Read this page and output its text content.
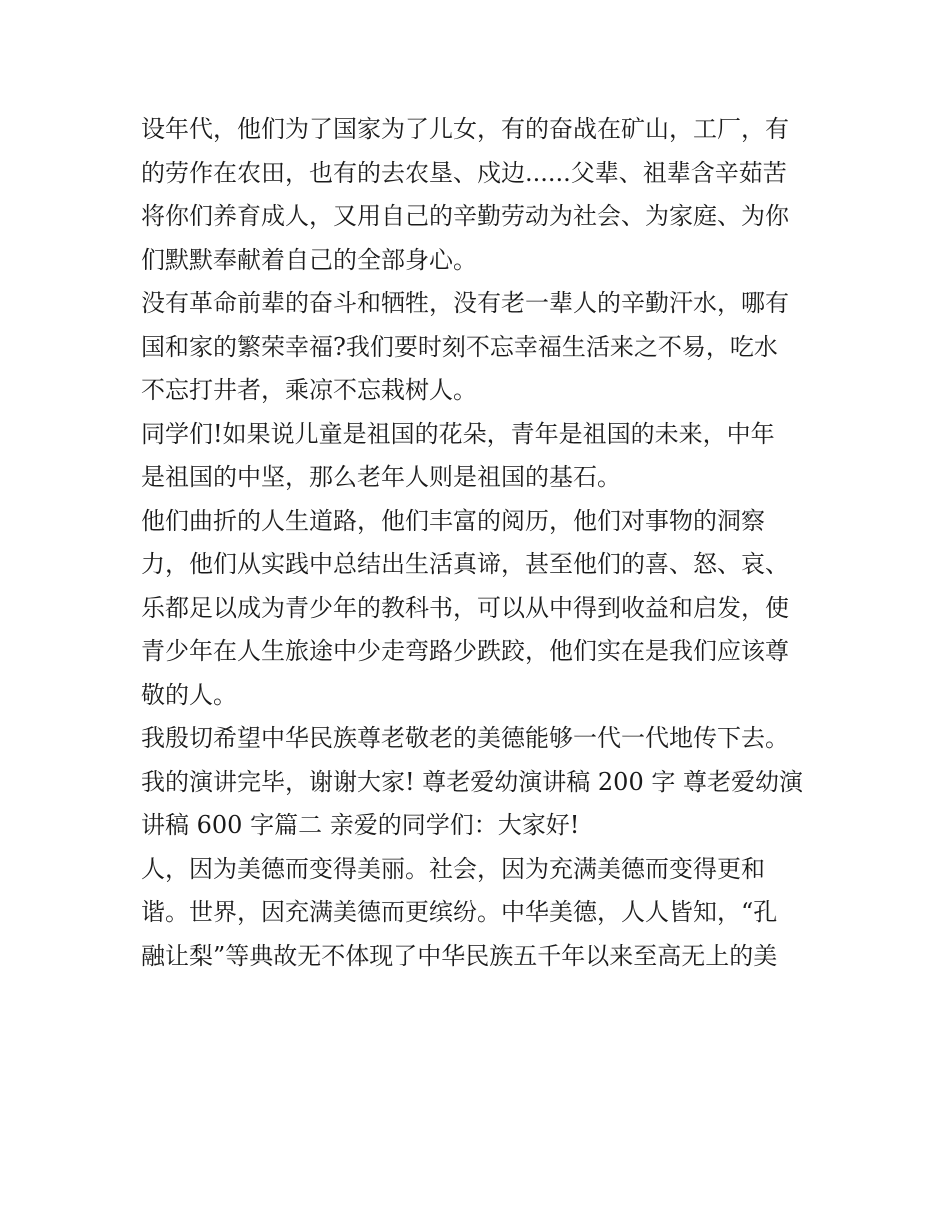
设年代，他们为了国家为了儿女，有的奋战在矿山，工厂，有
的劳作在农田，也有的去农垦、戍边......父辈、祖辈含辛茹苦
将你们养育成人，又用自己的辛勤劳动为社会、为家庭、为你
们默默奉献着自己的全部身心。
没有革命前辈的奋斗和牺牲，没有老一辈人的辛勤汗水，哪有
国和家的繁荣幸福?我们要时刻不忘幸福生活来之不易，吃水
不忘打井者，乘凉不忘栽树人。
同学们!如果说儿童是祖国的花朵，青年是祖国的未来，中年
是祖国的中坚，那么老年人则是祖国的基石。
他们曲折的人生道路，他们丰富的阅历，他们对事物的洞察
力，他们从实践中总结出生活真谛，甚至他们的喜、怒、哀、
乐都足以成为青少年的教科书，可以从中得到收益和启发，使
青少年在人生旅途中少走弯路少跌跤，他们实在是我们应该尊
敬的人。
我殷切希望中华民族尊老敬老的美德能够一代一代地传下去。
我的演讲完毕，谢谢大家! 尊老爱幼演讲稿 200 字 尊老爱幼演
讲稿 600 字篇二 亲爱的同学们：大家好!
人，因为美德而变得美丽。社会，因为充满美德而变得更和
谐。世界，因充满美德而更缤纷。中华美德，人人皆知，“孔
融让梨”等典故无不体现了中华民族五千年以来至高无上的美
